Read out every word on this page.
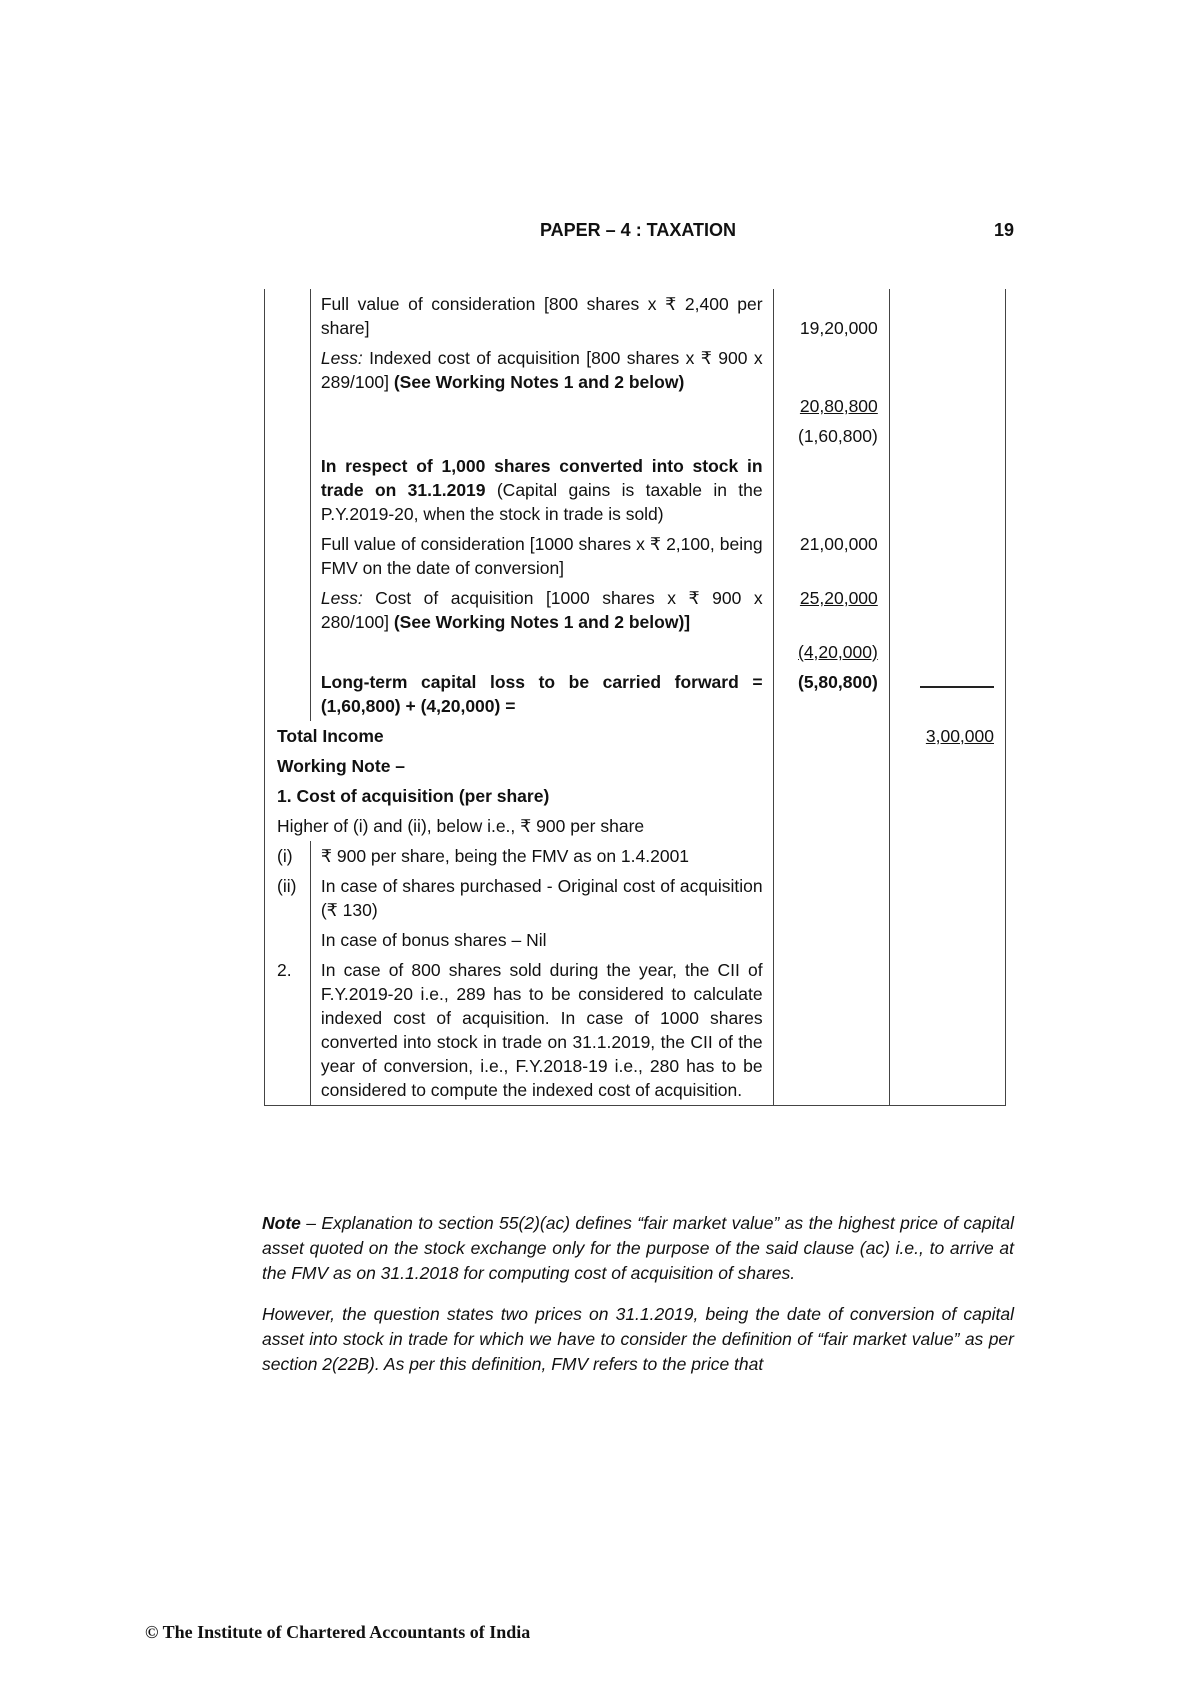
PAPER – 4 : TAXATION	19
	Full value of consideration [800 shares x ₹ 2,400 per share]	19,20,000	
	Less: Indexed cost of acquisition [800 shares x ₹ 900 x 289/100] (See Working Notes 1 and 2 below)	20,80,800	
		(1,60,800)	
	In respect of 1,000 shares converted into stock in trade on 31.1.2019 (Capital gains is taxable in the P.Y.2019-20, when the stock in trade is sold)		
	Full value of consideration [1000 shares x ₹ 2,100, being FMV on the date of conversion]	21,00,000	
	Less: Cost of acquisition [1000 shares x ₹ 900 x 280/100] (See Working Notes 1 and 2 below)]	25,20,000	
		(4,20,000)	
	Long-term capital loss to be carried forward = (1,60,800) + (4,20,000) =	(5,80,800)	
Total Income			3,00,000
Working Note –			
1. Cost of acquisition (per share)			
Higher of (i) and (ii), below i.e., ₹ 900 per share			
(i)	₹ 900 per share, being the FMV as on 1.4.2001		
(ii)	In case of shares purchased - Original cost of acquisition (₹ 130)		
	In case of bonus shares – Nil		
2.	In case of 800 shares sold during the year, the CII of F.Y.2019-20 i.e., 289 has to be considered to calculate indexed cost of acquisition. In case of 1000 shares converted into stock in trade on 31.1.2019, the CII of the year of conversion, i.e., F.Y.2018-19 i.e., 280 has to be considered to compute the indexed cost of acquisition.		
Note – Explanation to section 55(2)(ac) defines “fair market value” as the highest price of capital asset quoted on the stock exchange only for the purpose of the said clause (ac) i.e., to arrive at the FMV as on 31.1.2018 for computing cost of acquisition of shares.
However, the question states two prices on 31.1.2019, being the date of conversion of capital asset into stock in trade for which we have to consider the definition of “fair market value” as per section 2(22B). As per this definition, FMV refers to the price that
© The Institute of Chartered Accountants of India
